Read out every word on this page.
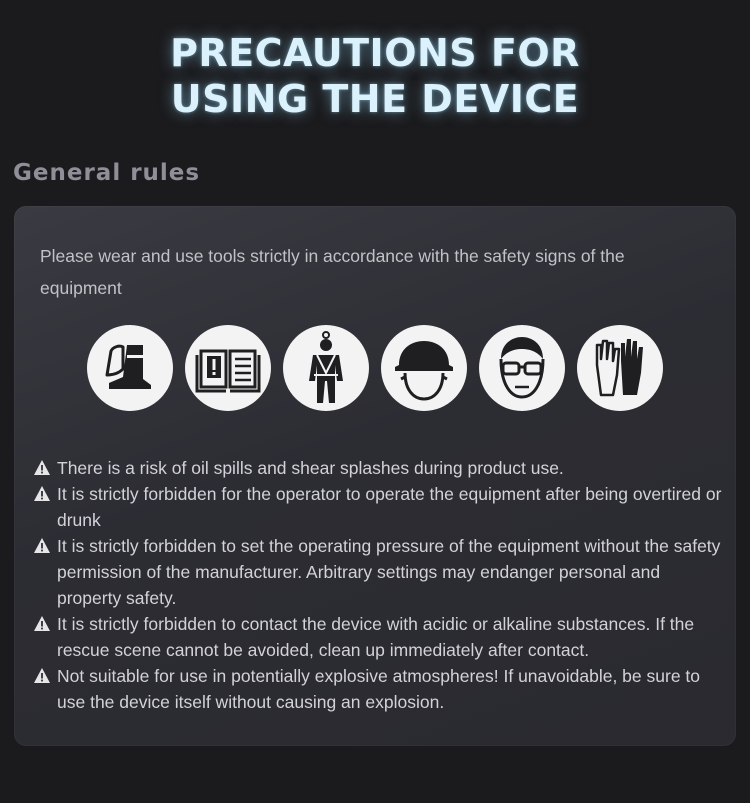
PRECAUTIONS FOR
USING THE DEVICE
General rules
Please wear and use tools strictly in accordance with the safety signs of the equipment
There is a risk of oil spills and shear splashes during product use.
It is strictly forbidden for the operator to operate the equipment after being overtired or drunk
It is strictly forbidden to set the operating pressure of the equipment without the safety permission of the manufacturer. Arbitrary settings may endanger personal and property safety.
It is strictly forbidden to contact the device with acidic or alkaline substances. If the rescue scene cannot be avoided, clean up immediately after contact.
Not suitable for use in potentially explosive atmospheres! If unavoidable, be sure to use the device itself without causing an explosion.
